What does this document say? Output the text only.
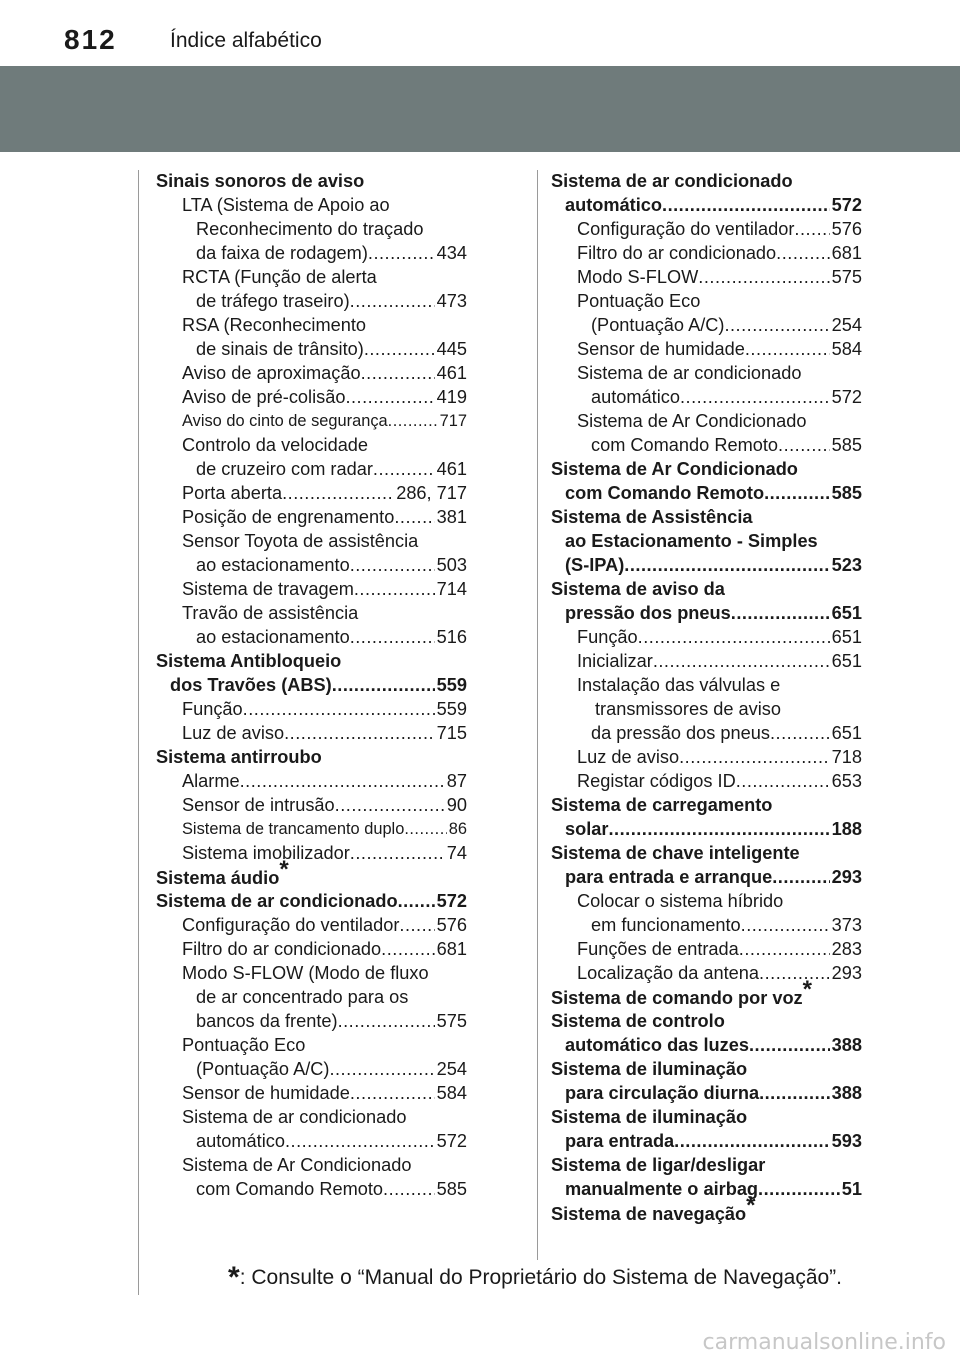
812	Índice alfabético
Sinais sonoros de aviso
LTA (Sistema de Apoio ao
Reconhecimento do traçado
da faixa de rodagem) .....	434
RCTA (Função de alerta
de tráfego traseiro) .....	473
RSA (Reconhecimento
de sinais de trânsito) .....	445
Aviso de aproximação .....	461
Aviso de pré-colisão .....	419
Aviso do cinto de segurança .....	717
Controlo da velocidade
de cruzeiro com radar .....	461
Porta aberta .....	286, 717
Posição de engrenamento ..... 381
Sensor Toyota de assistência
ao estacionamento .....	503
Sistema de travagem .....	714
Travão de assistência
ao estacionamento .....	516
Sistema Antibloqueio
dos Travões (ABS) .....	559
Função .....	559
Luz de aviso .....	715
Sistema antirroubo
Alarme .....	87
Sensor de intrusão .....	90
Sistema de trancamento duplo .....	86
Sistema imobilizador .....	74
Sistema áudio*
Sistema de ar condicionado ..... 572
Configuração do ventilador ..... 576
Filtro do ar condicionado .....	681
Modo S-FLOW (Modo de fluxo
de ar concentrado para os
bancos da frente) .....	575
Pontuação Eco
(Pontuação A/C) .....	254
Sensor de humidade .....	584
Sistema de ar condicionado
automático .....	572
Sistema de Ar Condicionado
com Comando Remoto .....	585
Sistema de ar condicionado
automático .....	572
Configuração do ventilador ..... 576
Filtro do ar condicionado .....	681
Modo S-FLOW .....	575
Pontuação Eco
(Pontuação A/C) .....	254
Sensor de humidade .....	584
Sistema de ar condicionado
automático .....	572
Sistema de Ar Condicionado
com Comando Remoto .....	585
Sistema de Ar Condicionado
com Comando Remoto .....	585
Sistema de Assistência
ao Estacionamento - Simples
(S-IPA) .....	523
Sistema de aviso da
pressão dos pneus .....	651
Função .....	651
Inicializar .....	651
Instalação das válvulas e
transmissores de aviso
da pressão dos pneus .....	651
Luz de aviso .....	718
Registar códigos ID .....	653
Sistema de carregamento
solar .....	188
Sistema de chave inteligente
para entrada e arranque .....	293
Colocar o sistema híbrido
em funcionamento .....	373
Funções de entrada .....	283
Localização da antena .....	293
Sistema de comando por voz*
Sistema de controlo
automático das luzes .....	388
Sistema de iluminação
para circulação diurna .....	388
Sistema de iluminação
para entrada .....	593
Sistema de ligar/desligar
manualmente o airbag .....	51
Sistema de navegação*
*: Consulte o “Manual do Proprietário do Sistema de Navegação”.
carmanualsonline.info
